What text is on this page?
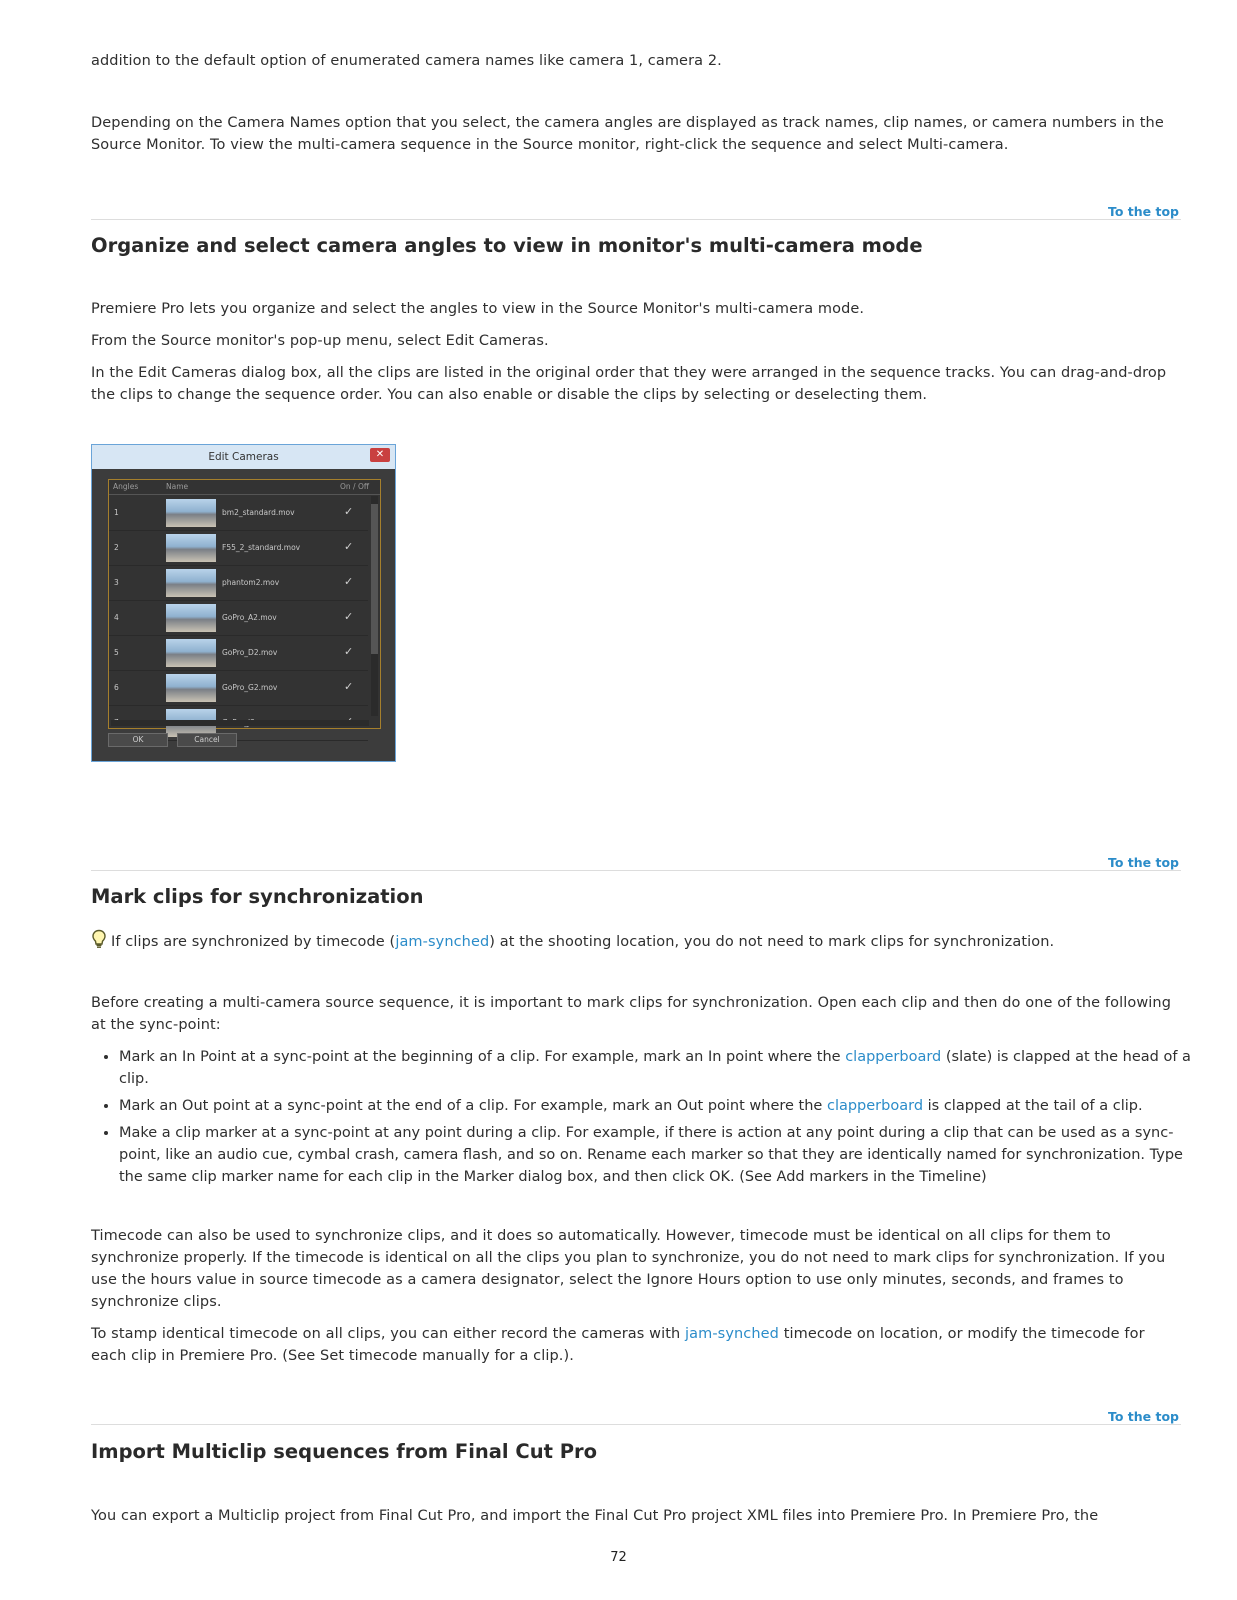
addition to the default option of enumerated camera names like camera 1, camera 2.
Depending on the Camera Names option that you select, the camera angles are displayed as track names, clip names, or camera numbers in the Source Monitor. To view the multi-camera sequence in the Source monitor, right-click the sequence and select Multi-camera.
To the top
Organize and select camera angles to view in monitor's multi-camera mode
Premiere Pro lets you organize and select the angles to view in the Source Monitor's multi-camera mode.
From the Source monitor's pop-up menu, select Edit Cameras.
In the Edit Cameras dialog box, all the clips are listed in the original order that they were arranged in the sequence tracks. You can drag-and-drop the clips to change the sequence order. You can also enable or disable the clips by selecting or deselecting them.
Edit Cameras	✕
Angles	Name	On / Off
1	bm2_standard.mov	✓
2	F55_2_standard.mov	✓
3	phantom2.mov	✓
4	GoPro_A2.mov	✓
5	GoPro_D2.mov	✓
6	GoPro_G2.mov	✓
OK	Cancel
To the top
Mark clips for synchronization
If clips are synchronized by timecode (jam-synched) at the shooting location, you do not need to mark clips for synchronization.
Before creating a multi-camera source sequence, it is important to mark clips for synchronization. Open each clip and then do one of the following at the sync-point:
• Mark an In Point at a sync-point at the beginning of a clip. For example, mark an In point where the clapperboard (slate) is clapped at the head of a clip.
• Mark an Out point at a sync-point at the end of a clip. For example, mark an Out point where the clapperboard is clapped at the tail of a clip.
• Make a clip marker at a sync-point at any point during a clip. For example, if there is action at any point during a clip that can be used as a sync-point, like an audio cue, cymbal crash, camera flash, and so on. Rename each marker so that they are identically named for synchronization. Type the same clip marker name for each clip in the Marker dialog box, and then click OK. (See Add markers in the Timeline)
Timecode can also be used to synchronize clips, and it does so automatically. However, timecode must be identical on all clips for them to synchronize properly. If the timecode is identical on all the clips you plan to synchronize, you do not need to mark clips for synchronization. If you use the hours value in source timecode as a camera designator, select the Ignore Hours option to use only minutes, seconds, and frames to synchronize clips.
To stamp identical timecode on all clips, you can either record the cameras with jam-synched timecode on location, or modify the timecode for each clip in Premiere Pro. (See Set timecode manually for a clip.).
To the top
Import Multiclip sequences from Final Cut Pro
You can export a Multiclip project from Final Cut Pro, and import the Final Cut Pro project XML files into Premiere Pro. In Premiere Pro, the
72
